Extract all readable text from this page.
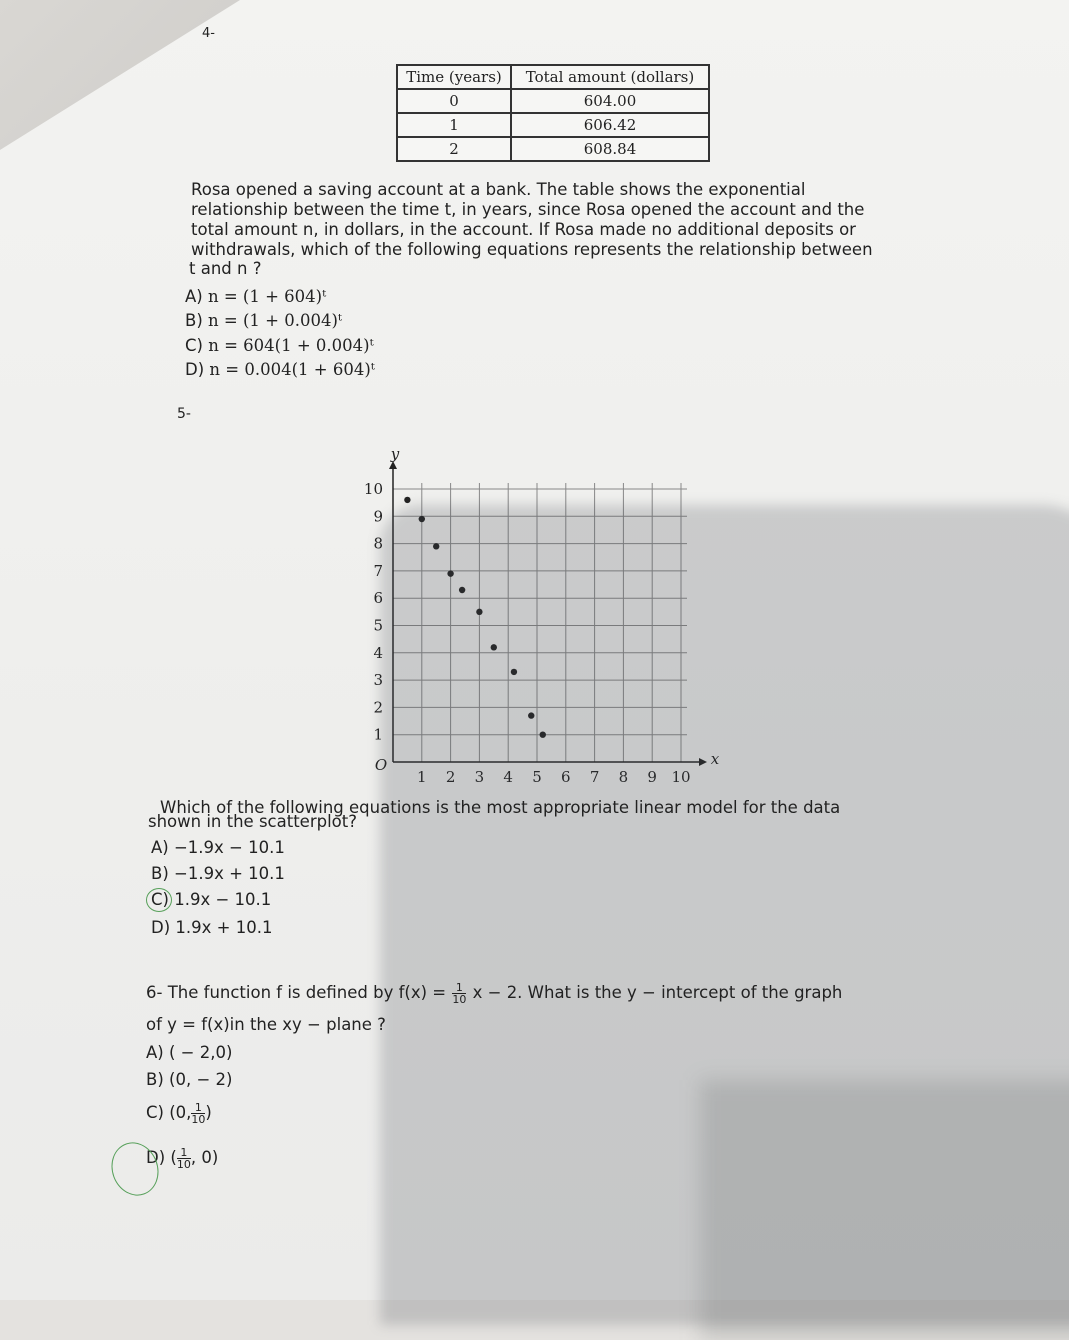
4-
Time (years)	Total amount (dollars)
0	604.00
1	606.42
2	608.84
Rosa opened a saving account at a bank. The table shows the exponential
relationship between the time t, in years, since Rosa opened the account and the
total amount n, in dollars, in the account. If Rosa made no additional deposits or
withdrawals, which of the following equations represents the relationship between
t and n ?
A) n = (1 + 604)ᵗ
B) n = (1 + 0.004)ᵗ
C) n = 604(1 + 0.004)ᵗ
D) n = 0.004(1 + 604)ᵗ
5-
1 2 3 4 5 6 7 8 9 10
1
2
3
4
5
6
7
8
9
10
O	x
y
Which of the following equations is the most appropriate linear model for the data
shown in the scatterplot?
A) −1.9x − 10.1
B) −1.9x + 10.1
C) 1.9x − 10.1
D) 1.9x + 10.1
6- The function f is defined by $f(x) = \frac{1}{10}$ x − 2. What is the y − intercept of the graph
of y = f(x)in the xy − plane ?
A) ( − 2,0)
B) (0, − 2)
C) (0, $\frac{1}{10}$ )
D) ( $\frac{1}{10}$ , 0)
